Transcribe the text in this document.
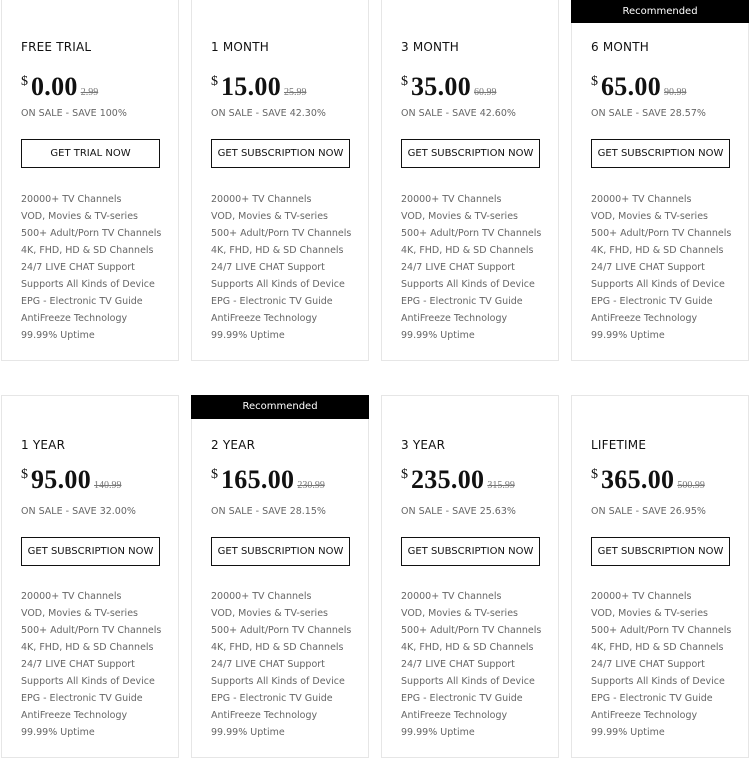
FREE TRIAL
$ 0.00 2.99
ON SALE - SAVE 100%
GET TRIAL NOW
20000+ TV Channels
VOD, Movies & TV-series
500+ Adult/Porn TV Channels
4K, FHD, HD & SD Channels
24/7 LIVE CHAT Support
Supports All Kinds of Device
EPG - Electronic TV Guide
AntiFreeze Technology
99.99% Uptime
1 MONTH
$ 15.00 25.99
ON SALE - SAVE 42.30%
GET SUBSCRIPTION NOW
20000+ TV Channels
VOD, Movies & TV-series
500+ Adult/Porn TV Channels
4K, FHD, HD & SD Channels
24/7 LIVE CHAT Support
Supports All Kinds of Device
EPG - Electronic TV Guide
AntiFreeze Technology
99.99% Uptime
3 MONTH
$ 35.00 60.99
ON SALE - SAVE 42.60%
GET SUBSCRIPTION NOW
20000+ TV Channels
VOD, Movies & TV-series
500+ Adult/Porn TV Channels
4K, FHD, HD & SD Channels
24/7 LIVE CHAT Support
Supports All Kinds of Device
EPG - Electronic TV Guide
AntiFreeze Technology
99.99% Uptime
Recommended
6 MONTH
$ 65.00 90.99
ON SALE - SAVE 28.57%
GET SUBSCRIPTION NOW
20000+ TV Channels
VOD, Movies & TV-series
500+ Adult/Porn TV Channels
4K, FHD, HD & SD Channels
24/7 LIVE CHAT Support
Supports All Kinds of Device
EPG - Electronic TV Guide
AntiFreeze Technology
99.99% Uptime
1 YEAR
$ 95.00 140.99
ON SALE - SAVE 32.00%
GET SUBSCRIPTION NOW
20000+ TV Channels
VOD, Movies & TV-series
500+ Adult/Porn TV Channels
4K, FHD, HD & SD Channels
24/7 LIVE CHAT Support
Supports All Kinds of Device
EPG - Electronic TV Guide
AntiFreeze Technology
99.99% Uptime
Recommended
2 YEAR
$ 165.00 230.99
ON SALE - SAVE 28.15%
GET SUBSCRIPTION NOW
20000+ TV Channels
VOD, Movies & TV-series
500+ Adult/Porn TV Channels
4K, FHD, HD & SD Channels
24/7 LIVE CHAT Support
Supports All Kinds of Device
EPG - Electronic TV Guide
AntiFreeze Technology
99.99% Uptime
3 YEAR
$ 235.00 315.99
ON SALE - SAVE 25.63%
GET SUBSCRIPTION NOW
20000+ TV Channels
VOD, Movies & TV-series
500+ Adult/Porn TV Channels
4K, FHD, HD & SD Channels
24/7 LIVE CHAT Support
Supports All Kinds of Device
EPG - Electronic TV Guide
AntiFreeze Technology
99.99% Uptime
LIFETIME
$ 365.00 500.99
ON SALE - SAVE 26.95%
GET SUBSCRIPTION NOW
20000+ TV Channels
VOD, Movies & TV-series
500+ Adult/Porn TV Channels
4K, FHD, HD & SD Channels
24/7 LIVE CHAT Support
Supports All Kinds of Device
EPG - Electronic TV Guide
AntiFreeze Technology
99.99% Uptime
